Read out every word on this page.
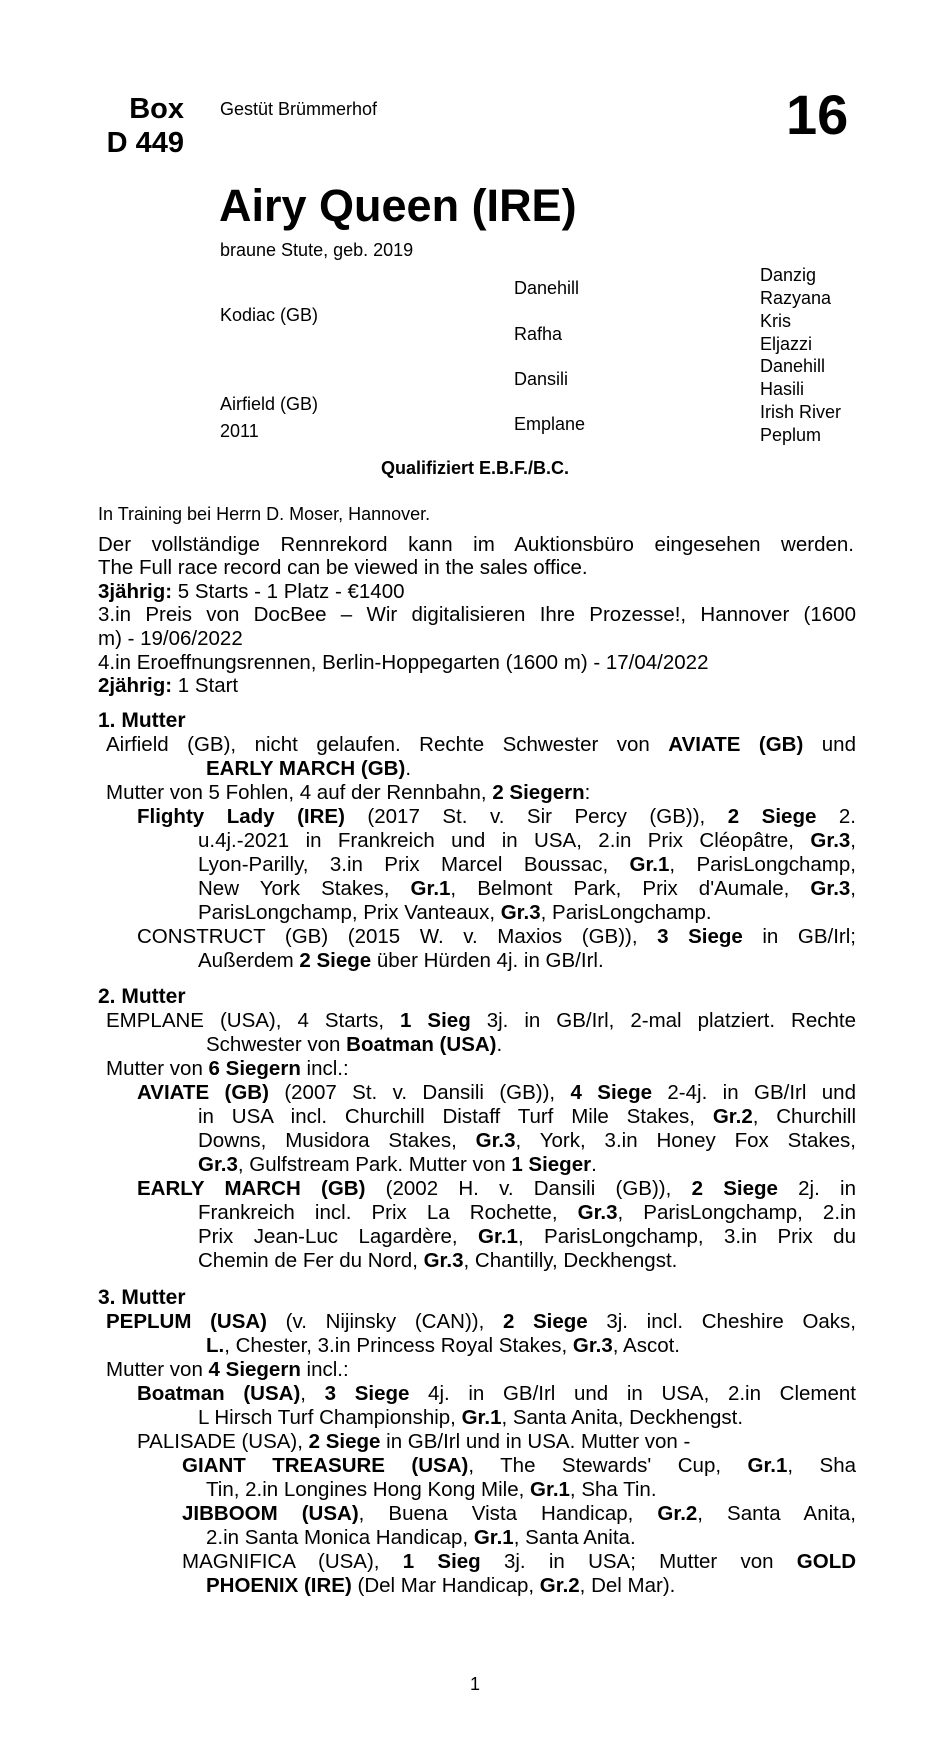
Box
D 449
Gestüt Brümmerhof	16
Airy Queen (IRE)
braune Stute, geb. 2019
Kodiac (GB)
Airfield (GB)
2011
Danehill
Rafha
Dansili
Emplane
Danzig
Razyana
Kris
Eljazzi
Danehill
Hasili
Irish River
Peplum
Qualifiziert E.B.F./B.C.
In Training bei Herrn D. Moser, Hannover.
Der vollständige Rennrekord kann im Auktionsbüro eingesehen werden.
The Full race record can be viewed in the sales office.
3jährig: 5 Starts - 1 Platz - €1400
3.in Preis von DocBee – Wir digitalisieren Ihre Prozesse!, Hannover (1600
m) - 19/06/2022
4.in Eroeffnungsrennen, Berlin-Hoppegarten (1600 m) - 17/04/2022
2jährig: 1 Start
1. Mutter
Airfield (GB), nicht gelaufen. Rechte Schwester von AVIATE (GB) und
EARLY MARCH (GB).
Mutter von 5 Fohlen, 4 auf der Rennbahn, 2 Siegern:
Flighty Lady (IRE) (2017 St. v. Sir Percy (GB)), 2 Siege 2.
u.4j.-2021 in Frankreich und in USA, 2.in Prix Cléopâtre, Gr.3,
Lyon-Parilly, 3.in Prix Marcel Boussac, Gr.1, ParisLongchamp,
New York Stakes, Gr.1, Belmont Park, Prix d'Aumale, Gr.3,
ParisLongchamp, Prix Vanteaux, Gr.3, ParisLongchamp.
CONSTRUCT (GB) (2015 W. v. Maxios (GB)), 3 Siege in GB/Irl;
Außerdem 2 Siege über Hürden 4j. in GB/Irl.
2. Mutter
EMPLANE (USA), 4 Starts, 1 Sieg 3j. in GB/Irl, 2-mal platziert. Rechte
Schwester von Boatman (USA).
Mutter von 6 Siegern incl.:
AVIATE (GB) (2007 St. v. Dansili (GB)), 4 Siege 2-4j. in GB/Irl und
in USA incl. Churchill Distaff Turf Mile Stakes, Gr.2, Churchill
Downs, Musidora Stakes, Gr.3, York, 3.in Honey Fox Stakes,
Gr.3, Gulfstream Park. Mutter von 1 Sieger.
EARLY MARCH (GB) (2002 H. v. Dansili (GB)), 2 Siege 2j. in
Frankreich incl. Prix La Rochette, Gr.3, ParisLongchamp, 2.in
Prix Jean-Luc Lagardère, Gr.1, ParisLongchamp, 3.in Prix du
Chemin de Fer du Nord, Gr.3, Chantilly, Deckhengst.
3. Mutter
PEPLUM (USA) (v. Nijinsky (CAN)), 2 Siege 3j. incl. Cheshire Oaks,
L., Chester, 3.in Princess Royal Stakes, Gr.3, Ascot.
Mutter von 4 Siegern incl.:
Boatman (USA), 3 Siege 4j. in GB/Irl und in USA, 2.in Clement
L Hirsch Turf Championship, Gr.1, Santa Anita, Deckhengst.
PALISADE (USA), 2 Siege in GB/Irl und in USA. Mutter von -
GIANT TREASURE (USA), The Stewards' Cup, Gr.1, Sha
Tin, 2.in Longines Hong Kong Mile, Gr.1, Sha Tin.
JIBBOOM (USA), Buena Vista Handicap, Gr.2, Santa Anita,
2.in Santa Monica Handicap, Gr.1, Santa Anita.
MAGNIFICA (USA), 1 Sieg 3j. in USA; Mutter von GOLD
PHOENIX (IRE) (Del Mar Handicap, Gr.2, Del Mar).
1
